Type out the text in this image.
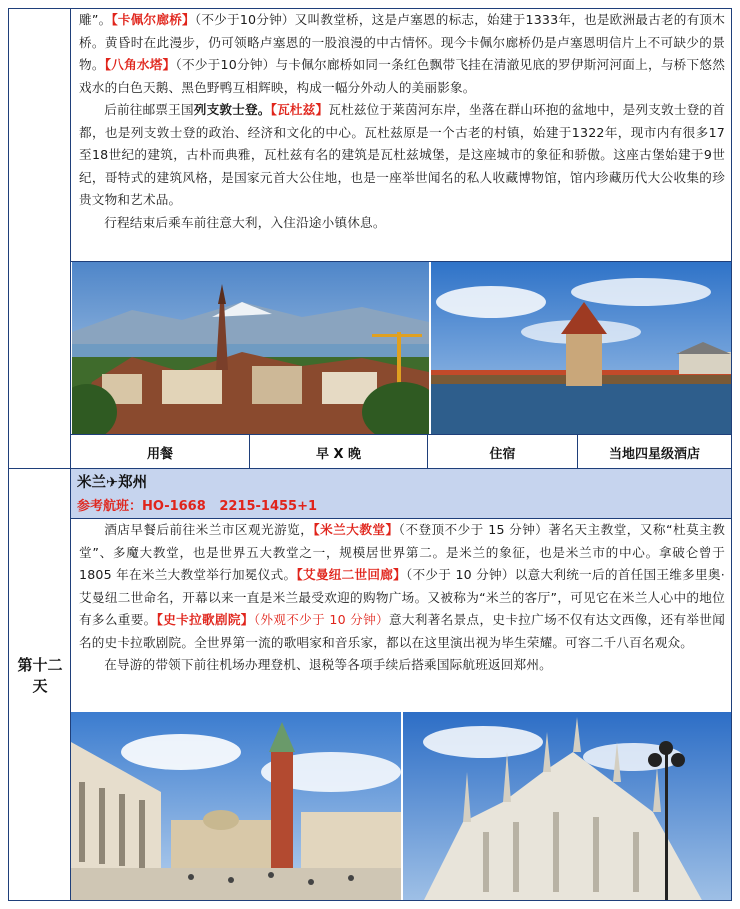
雕”。【卡佩尔廊桥】（不少于10分钟）又叫教堂桥，这是卢塞恩的标志，始建于1333年，也是欧洲最古老的有顶木桥。黄昏时在此漫步，仍可领略卢塞恩的一股浪漫的中古情怀。现今卡佩尔廊桥仍是卢塞恩明信片上不可缺少的景物。【八角水塔】（不少于10分钟）与卡佩尔廊桥如同一条红色飘带飞挂在清澈见底的罗伊斯河河面上，与桥下悠然戏水的白色天鹅、黑色野鸭互相辉映，构成一幅分外动人的美丽影象。

后前往邮票王国列支敦士登。【瓦杜兹】瓦杜兹位于莱茵河东岸，坐落在群山环抱的盆地中，是列支敦士登的首都，也是列支敦士登的政治、经济和文化的中心。瓦杜兹原是一个古老的村镇，始建于1322年，现市内有很多17至18世纪的建筑，古朴而典雅，瓦杜兹有名的建筑是瓦杜兹城堡，是这座城市的象征和骄傲。这座古堡始建于9世纪，哥特式的建筑风格，是国家元首大公住地，也是一座举世闻名的私人收藏博物馆，馆内珍藏历代大公收集的珍贵文物和艺术品。

行程结束后乘车前往意大利，入住沿途小镇休息。

用餐	早 X 晚	住宿	当地四星级酒店
第十二
天
米兰✈郑州
参考航班：HO-1668   2215-1455+1

酒店早餐后前往米兰市区观光游览，【米兰大教堂】（不登顶不少于 15 分钟）著名天主教堂，又称“杜莫主教堂”、多魔大教堂，也是世界五大教堂之一，规模居世界第二。是米兰的象征，也是米兰市的中心。拿破仑曾于 1805 年在米兰大教堂举行加冕仪式。【艾曼纽二世回廊】（不少于 10 分钟）以意大利统一后的首任国王维多里奥·艾曼纽二世命名，开幕以来一直是米兰最受欢迎的购物广场。又被称为“米兰的客厅”，可见它在米兰人心中的地位有多么重要。【史卡拉歌剧院】（外观不少于 10 分钟）意大利著名景点，史卡拉广场不仅有达文西像，还有举世闻名的史卡拉歌剧院。全世界第一流的歌唱家和音乐家，都以在这里演出视为毕生荣耀。可容二千八百名观众。

在导游的带领下前往机场办理登机、退税等各项手续后搭乘国际航班返回郑州。
